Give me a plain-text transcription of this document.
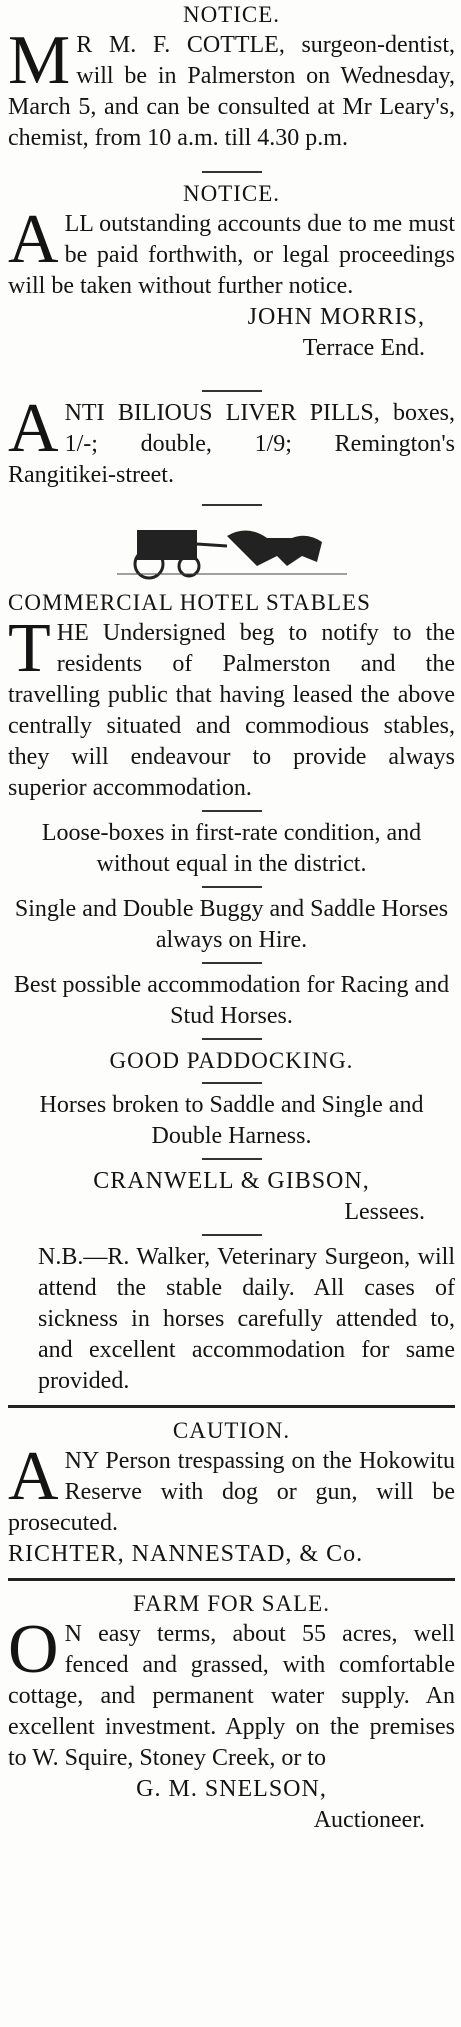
NOTICE.
M R M. F. COTTLE, surgeon-dentist, will be in Palmerston on Wednesday, March 5, and can be consulted at Mr Leary's, chemist, from 10 a.m. till 4.30 p.m.
NOTICE.
A LL outstanding accounts due to me must be paid forthwith, or legal proceedings will be taken without further notice.
JOHN MORRIS,
Terrace End.
A NTI BILIOUS LIVER PILLS, boxes, 1/-; double, 1/9; Remington's Rangitikei-street.
COMMERCIAL HOTEL STABLES
T HE Undersigned beg to notify to the residents of Palmerston and the travelling public that having leased the above centrally situated and commodious stables, they will endeavour to provide always superior accommodation.
Loose-boxes in first-rate condition, and without equal in the district.
Single and Double Buggy and Saddle Horses always on Hire.
Best possible accommodation for Racing and Stud Horses.
GOOD PADDOCKING.
Horses broken to Saddle and Single and Double Harness.
CRANWELL & GIBSON,
Lessees.
N.B.—R. Walker, Veterinary Surgeon, will attend the stable daily. All cases of sickness in horses carefully attended to, and excellent accommodation for same provided.
CAUTION.
A NY Person trespassing on the Hokowitu Reserve with dog or gun, will be prosecuted.
RICHTER, NANNESTAD, & Co.
FARM FOR SALE.
O N easy terms, about 55 acres, well fenced and grassed, with comfortable cottage, and permanent water supply. An excellent investment. Apply on the premises to W. Squire, Stoney Creek, or to
G. M. SNELSON,
Auctioneer.
